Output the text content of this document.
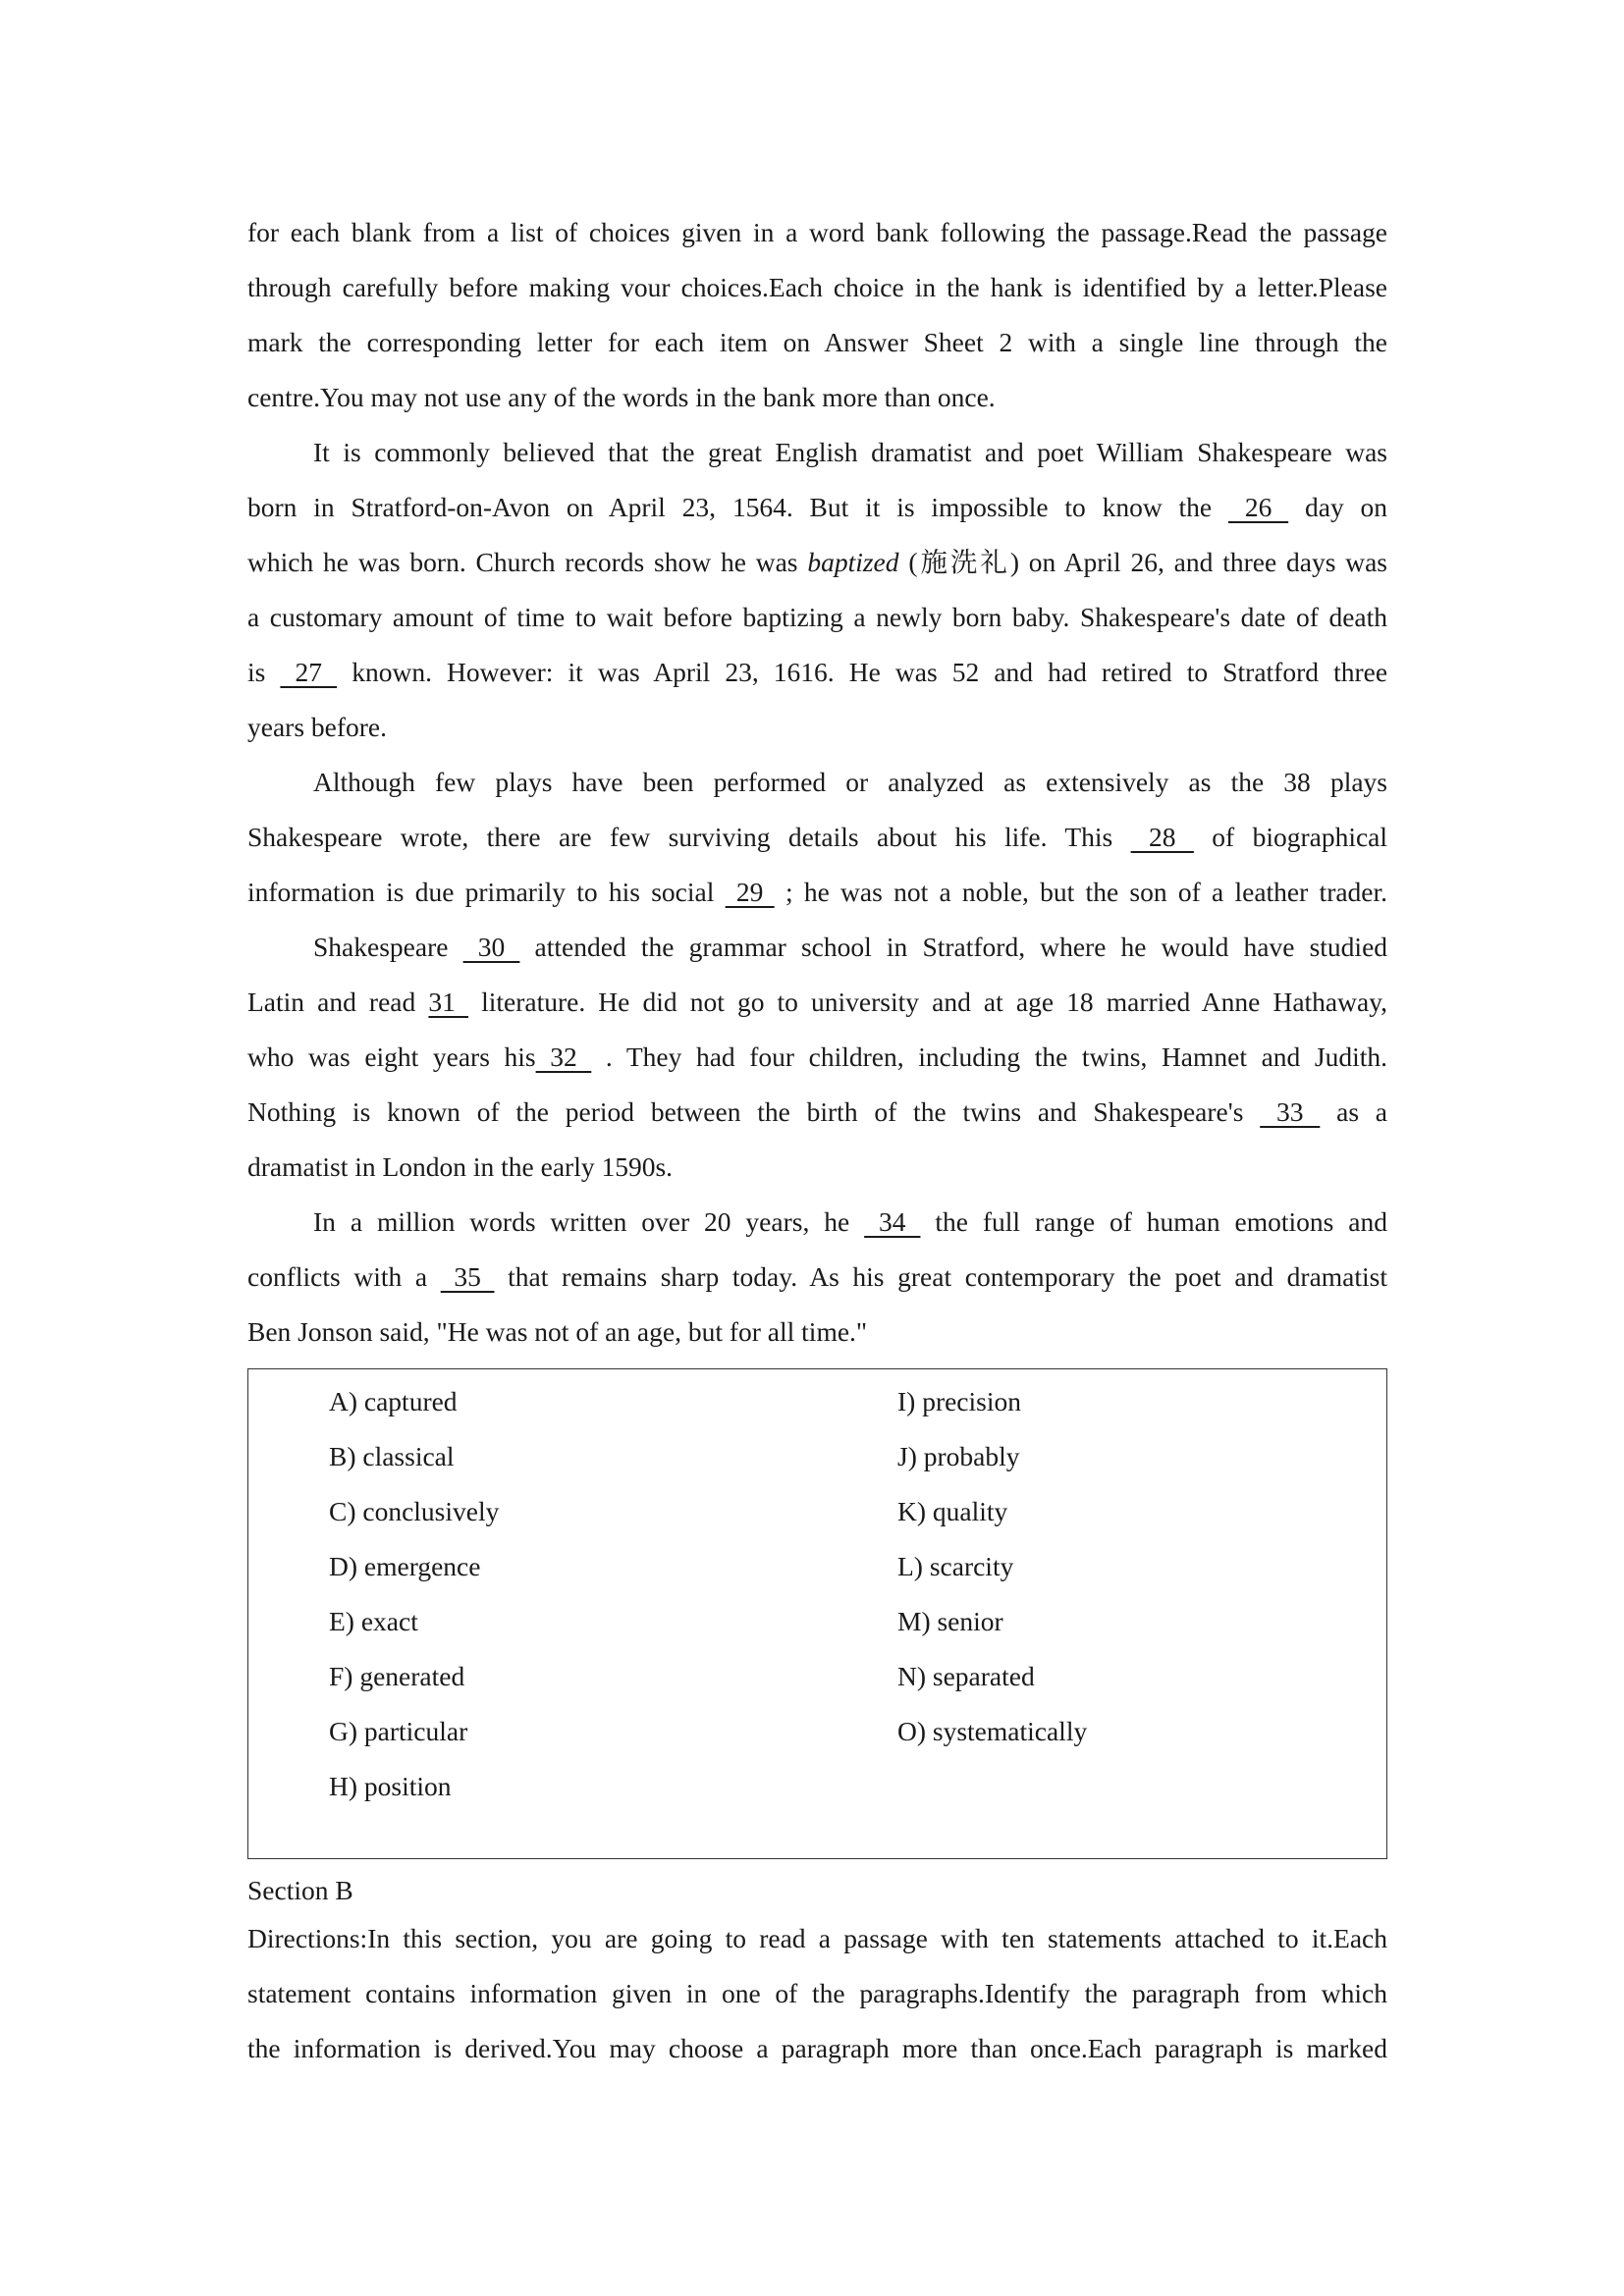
for each blank from a list of choices given in a word bank following the passage.Read the passage
through carefully before making vour choices.Each choice in the hank is identified by a letter.Please
mark the corresponding letter for each item on Answer Sheet 2 with a single line through the
centre.You may not use any of the words in the bank more than once.
It is commonly believed that the great English dramatist and poet William Shakespeare was
born in Stratford-on-Avon on April 23, 1564. But it is impossible to know the  26  day on
which he was born. Church records show he was baptized (施洗礼) on April 26, and three days was
a customary amount of time to wait before baptizing a newly born baby. Shakespeare's date of death
is  27  known. However: it was April 23, 1616. He was 52 and had retired to Stratford three
years before.
Although few plays have been performed or analyzed as extensively as the 38 plays
Shakespeare wrote, there are few surviving details about his life. This  28  of biographical
information is due primarily to his social  29  ; he was not a noble, but the son of a leather trader.
Shakespeare  30  attended the grammar school in Stratford, where he would have studied
Latin and read 31  literature. He did not go to university and at age 18 married Anne Hathaway,
who was eight years his 32  . They had four children, including the twins, Hamnet and Judith.
Nothing is known of the period between the birth of the twins and Shakespeare's  33  as a
dramatist in London in the early 1590s.
In a million words written over 20 years, he  34  the full range of human emotions and
conflicts with a  35  that remains sharp today. As his great contemporary the poet and dramatist
Ben Jonson said, "He was not of an age, but for all time."
A) captured
B) classical
C) conclusively
D) emergence
E) exact
F) generated
G) particular
H) position
I) precision
J) probably
K) quality
L) scarcity
M) senior
N) separated
O) systematically
Section B
Directions:In this section, you are going to read a passage with ten statements attached to it.Each
statement contains information given in one of the paragraphs.Identify the paragraph from which
the information is derived.You may choose a paragraph more than once.Each paragraph is marked
